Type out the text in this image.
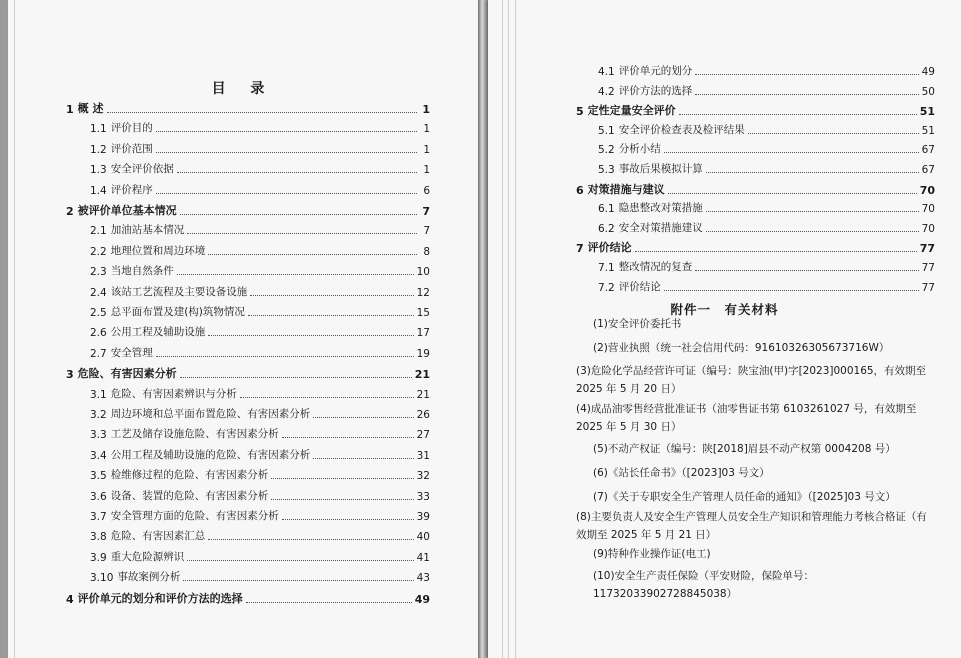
目 录
1 概 述	1
1.1 评价目的	1
1.2 评价范围	1
1.3 安全评价依据	1
1.4 评价程序	6
2 被评价单位基本情况	7
2.1 加油站基本情况	7
2.2 地理位置和周边环境	8
2.3 当地自然条件	10
2.4 该站工艺流程及主要设备设施	12
2.5 总平面布置及建(构)筑物情况	15
2.6 公用工程及辅助设施	17
2.7 安全管理	19
3 危险、有害因素分析	21
3.1 危险、有害因素辨识与分析	21
3.2 周边环境和总平面布置危险、有害因素分析	26
3.3 工艺及储存设施危险、有害因素分析	27
3.4 公用工程及辅助设施的危险、有害因素分析	31
3.5 检维修过程的危险、有害因素分析	32
3.6 设备、装置的危险、有害因素分析	33
3.7 安全管理方面的危险、有害因素分析	39
3.8 危险、有害因素汇总	40
3.9 重大危险源辨识	41
3.10 事故案例分析	43
4 评价单元的划分和评价方法的选择	49
4.1 评价单元的划分	49
4.2 评价方法的选择	50
5 定性定量安全评价	51
5.1 安全评价检查表及检评结果	51
5.2 分析小结	67
5.3 事故后果模拟计算	67
6 对策措施与建议	70
6.1 隐患整改对策措施	70
6.2 安全对策措施建议	70
7 评价结论	77
7.1 整改情况的复查	77
7.2 评价结论	77
附件一　有关材料
(1)安全评价委托书
(2)营业执照（统一社会信用代码：91610326305673716W）
(3)危险化学品经营许可证（编号：陕宝油(甲)字[2023]000165，有效期至 2025 年 5 月 20 日）
(4)成品油零售经营批准证书（油零售证书第 6103261027 号，有效期至 2025 年 5 月 30 日）
(5)不动产权证（编号：陕[2018]眉县不动产权第 0004208 号）
(6)《站长任命书》（[2023]03 号文）
(7)《关于专职安全生产管理人员任命的通知》（[2025]03 号文）
(8)主要负责人及安全生产管理人员安全生产知识和管理能力考核合格证（有效期至 2025 年 5 月 21 日）
(9)特种作业操作证(电工)
(10)安全生产责任保险（平安财险，保险单号：11732033902728845038）
